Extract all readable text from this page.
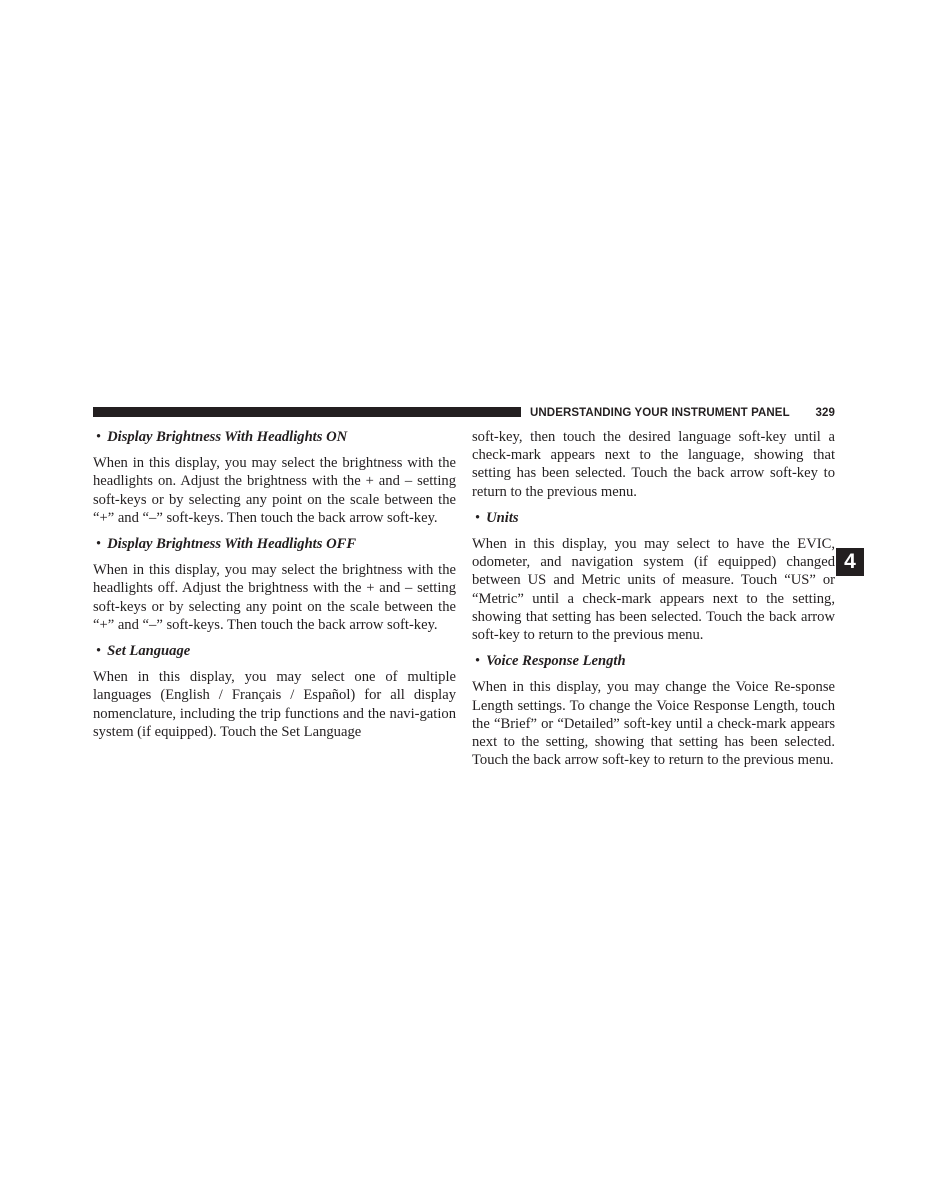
UNDERSTANDING YOUR INSTRUMENT PANEL 329
4

• Display Brightness With Headlights ON

When in this display, you may select the brightness with the headlights on. Adjust the brightness with the + and – setting soft-keys or by selecting any point on the scale between the “+” and “–” soft-keys. Then touch the back arrow soft-key.

• Display Brightness With Headlights OFF

When in this display, you may select the brightness with the headlights off. Adjust the brightness with the + and – setting soft-keys or by selecting any point on the scale between the “+” and “–” soft-keys. Then touch the back arrow soft-key.

• Set Language

When in this display, you may select one of multiple languages (English / Français / Español) for all display nomenclature, including the trip functions and the navi-gation system (if equipped). Touch the Set Language

soft-key, then touch the desired language soft-key until a check-mark appears next to the language, showing that setting has been selected. Touch the back arrow soft-key to return to the previous menu.

• Units

When in this display, you may select to have the EVIC, odometer, and navigation system (if equipped) changed between US and Metric units of measure. Touch “US” or “Metric” until a check-mark appears next to the setting, showing that setting has been selected. Touch the back arrow soft-key to return to the previous menu.

• Voice Response Length

When in this display, you may change the Voice Re-sponse Length settings. To change the Voice Response Length, touch the “Brief” or “Detailed” soft-key until a check-mark appears next to the setting, showing that setting has been selected. Touch the back arrow soft-key to return to the previous menu.
